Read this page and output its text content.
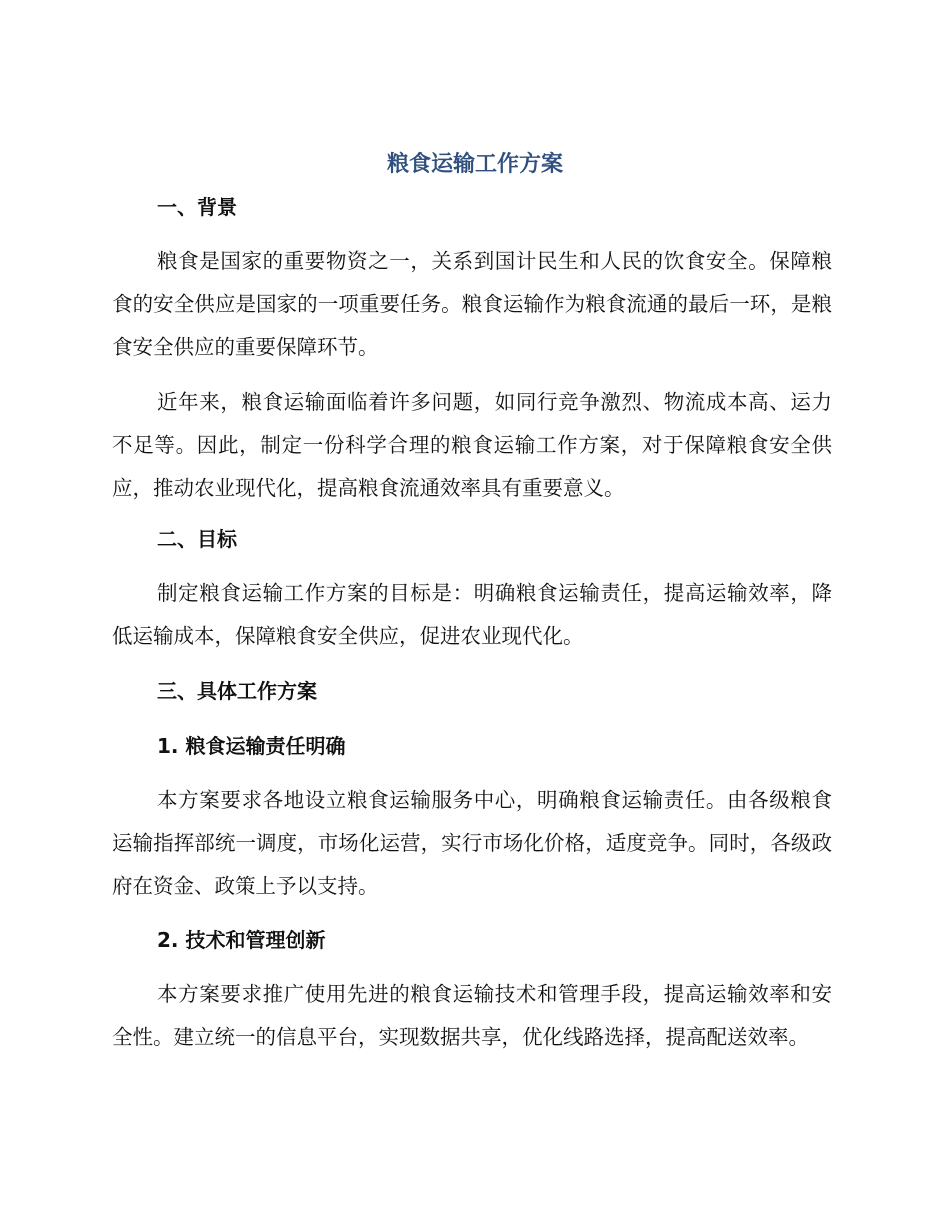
粮食运输工作方案
一、背景

粮食是国家的重要物资之一，关系到国计民生和人民的饮食安全。保障粮食的安全供应是国家的一项重要任务。粮食运输作为粮食流通的最后一环，是粮食安全供应的重要保障环节。

近年来，粮食运输面临着许多问题，如同行竞争激烈、物流成本高、运力不足等。因此，制定一份科学合理的粮食运输工作方案，对于保障粮食安全供应，推动农业现代化，提高粮食流通效率具有重要意义。

二、目标

制定粮食运输工作方案的目标是：明确粮食运输责任，提高运输效率，降低运输成本，保障粮食安全供应，促进农业现代化。

三、具体工作方案
1. 粮食运输责任明确

本方案要求各地设立粮食运输服务中心，明确粮食运输责任。由各级粮食运输指挥部统一调度，市场化运营，实行市场化价格，适度竞争。同时，各级政府在资金、政策上予以支持。

2. 技术和管理创新

本方案要求推广使用先进的粮食运输技术和管理手段，提高运输效率和安全性。建立统一的信息平台，实现数据共享，优化线路选择，提高配送效率。
